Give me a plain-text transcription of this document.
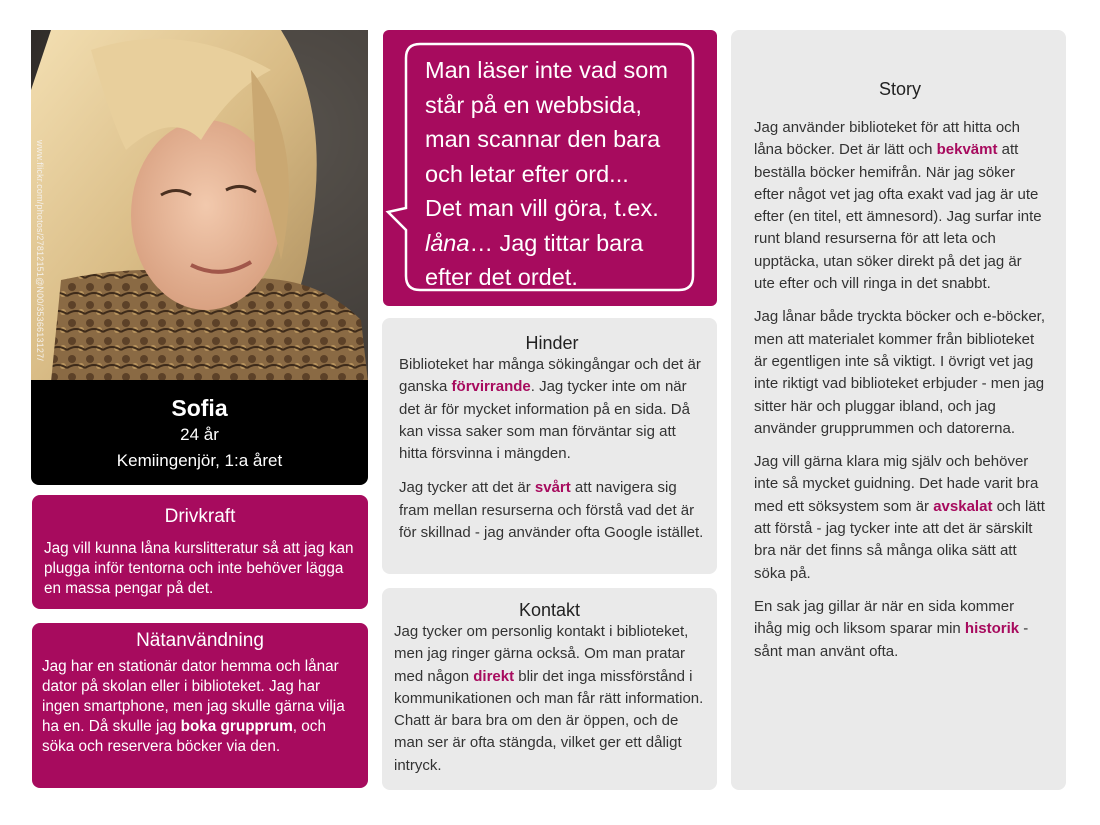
www.flickr.com/photos/27812151@N00/3536613127/
Sofia
24 år
Kemiingenjör, 1:a året
Drivkraft

Jag vill kunna låna kurslitteratur så att jag kan plugga inför tentorna och inte behöver lägga en massa pengar på det.

Nätanvändning

Jag har en stationär dator hemma och lånar dator på skolan eller i biblioteket. Jag har ingen smartphone, men jag skulle gärna vilja ha en. Då skulle jag boka grupprum, och söka och reservera böcker via den.

Man läser inte vad som
står på en webbsida,
man scannar den bara
och letar efter ord...
Det man vill göra, t.ex.
låna… Jag tittar bara
efter det ordet.
Hinder

Biblioteket har många sökingångar och det är ganska förvirrande. Jag tycker inte om när det är för mycket information på en sida. Då kan vissa saker som man förväntar sig att hitta försvinna i mängden.

Jag tycker att det är svårt att navigera sig fram mellan resurserna och förstå vad det är för skillnad - jag använder ofta Google istället.

Kontakt

Jag tycker om personlig kontakt i biblioteket, men jag ringer gärna också. Om man pratar med någon direkt blir det inga missförstånd i kommunikationen och man får rätt information. Chatt är bara bra om den är öppen, och de man ser är ofta stängda, vilket ger ett dåligt intryck.

Story

Jag använder biblioteket för att hitta och låna böcker. Det är lätt och bekvämt att beställa böcker hemifrån. När jag söker efter något vet jag ofta exakt vad jag är ute efter (en titel, ett ämnesord). Jag surfar inte runt bland resurserna för att leta och upptäcka, utan söker direkt på det jag är ute efter och vill ringa in det snabbt.

Jag lånar både tryckta böcker och e-böcker, men att materialet kommer från biblioteket är egentligen inte så viktigt. I övrigt vet jag inte riktigt vad biblioteket erbjuder - men jag sitter här och pluggar ibland, och jag använder grupprummen och datorerna.

Jag vill gärna klara mig själv och behöver inte så mycket guidning. Det hade varit bra med ett söksystem som är avskalat och lätt att förstå - jag tycker inte att det är särskilt bra när det finns så många olika sätt att söka på.

En sak jag gillar är när en sida kommer ihåg mig och liksom sparar min historik - sånt man använt ofta.
